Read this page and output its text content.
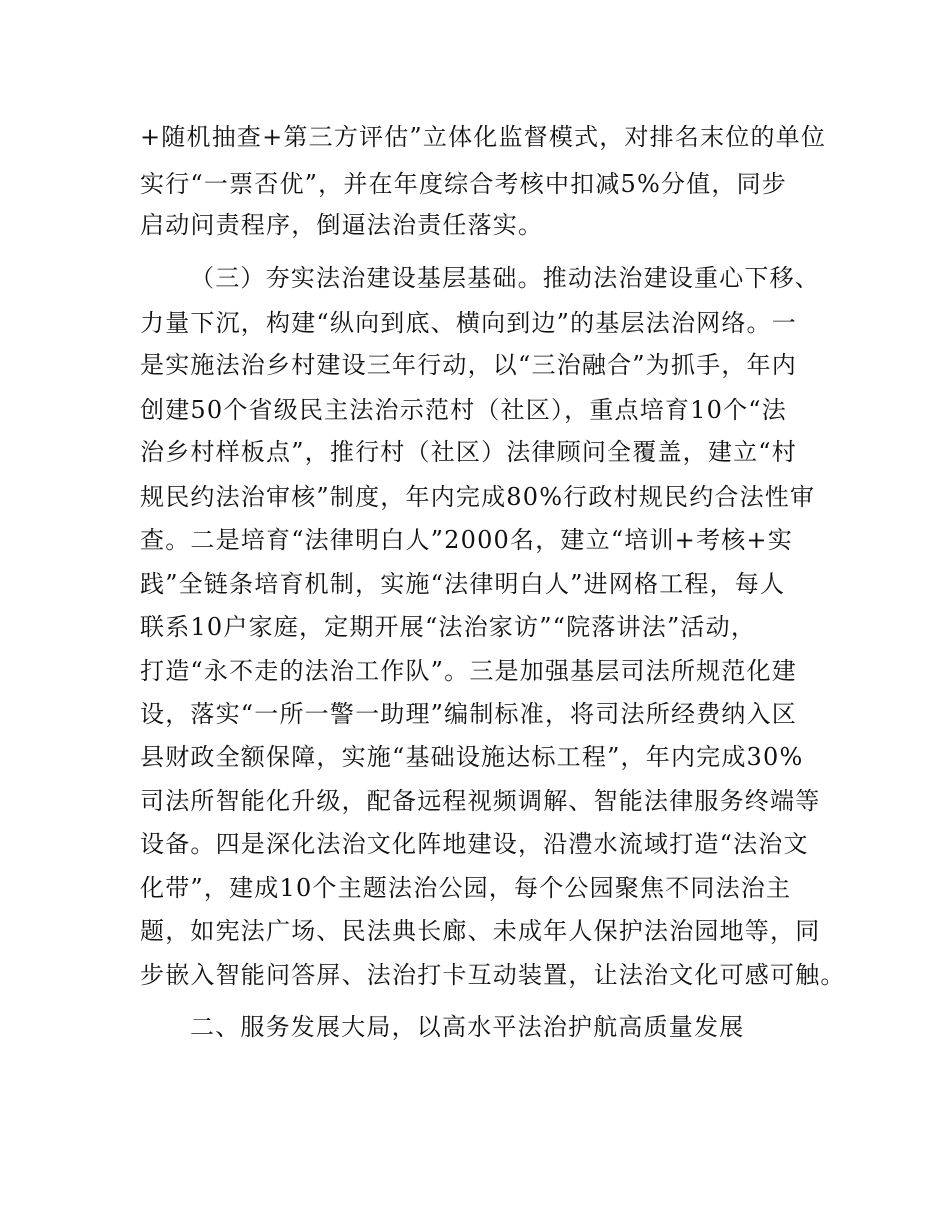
+随机抽查+第三方评估”立体化监督模式，对排名末位的单位
实行“一票否优”，并在年度综合考核中扣减5%分值，同步
启动问责程序，倒逼法治责任落实。
（三）夯实法治建设基层基础。推动法治建设重心下移、
力量下沉，构建“纵向到底、横向到边”的基层法治网络。一
是实施法治乡村建设三年行动，以“三治融合”为抓手，年内
创建50个省级民主法治示范村（社区），重点培育10个“法
治乡村样板点”，推行村（社区）法律顾问全覆盖，建立“村
规民约法治审核”制度，年内完成80%行政村规民约合法性审
查。二是培育“法律明白人”2000名，建立“培训+考核+实
践”全链条培育机制，实施“法律明白人”进网格工程，每人
联系10户家庭，定期开展“法治家访”“院落讲法”活动，
打造“永不走的法治工作队”。三是加强基层司法所规范化建
设，落实“一所一警一助理”编制标准，将司法所经费纳入区
县财政全额保障，实施“基础设施达标工程”，年内完成30%
司法所智能化升级，配备远程视频调解、智能法律服务终端等
设备。四是深化法治文化阵地建设，沿澧水流域打造“法治文
化带”，建成10个主题法治公园，每个公园聚焦不同法治主
题，如宪法广场、民法典长廊、未成年人保护法治园地等，同
步嵌入智能问答屏、法治打卡互动装置，让法治文化可感可触。
二、服务发展大局，以高水平法治护航高质量发展
